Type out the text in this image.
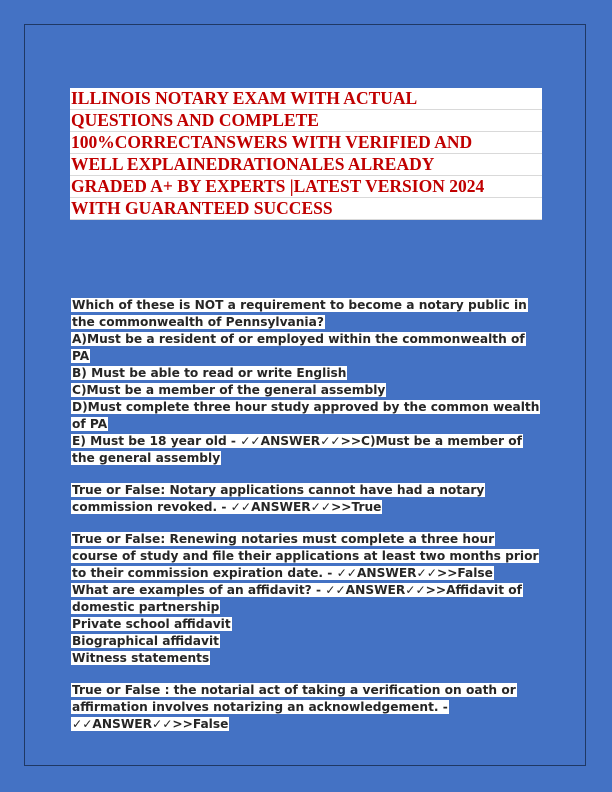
ILLINOIS NOTARY EXAM WITH ACTUAL
QUESTIONS AND COMPLETE
100%CORRECTANSWERS WITH VERIFIED AND
WELL EXPLAINEDRATIONALES ALREADY
GRADED A+ BY EXPERTS |LATEST VERSION 2024
WITH GUARANTEED SUCCESS

Which of these is NOT a requirement to become a notary public in the commonwealth of Pennsylvania?

A)Must be a resident of or employed within the commonwealth of PA

B) Must be able to read or write English

C)Must be a member of the general assembly

D)Must complete three hour study approved by the common wealth of PA

E) Must be 18 year old - ✓✓ANSWER✓✓>>C)Must be a member of the general assembly

True or False: Notary applications cannot have had a notary commission revoked. - ✓✓ANSWER✓✓>>True

True or False: Renewing notaries must complete a three hour course of study and file their applications at least two months prior to their commission expiration date. - ✓✓ANSWER✓✓>>False

What are examples of an affidavit? - ✓✓ANSWER✓✓>>Affidavit of domestic partnership

Private school affidavit

Biographical affidavit

Witness statements

True or False : the notarial act of taking a verification on oath or affirmation involves notarizing an acknowledgement. - ✓✓ANSWER✓✓>>False
